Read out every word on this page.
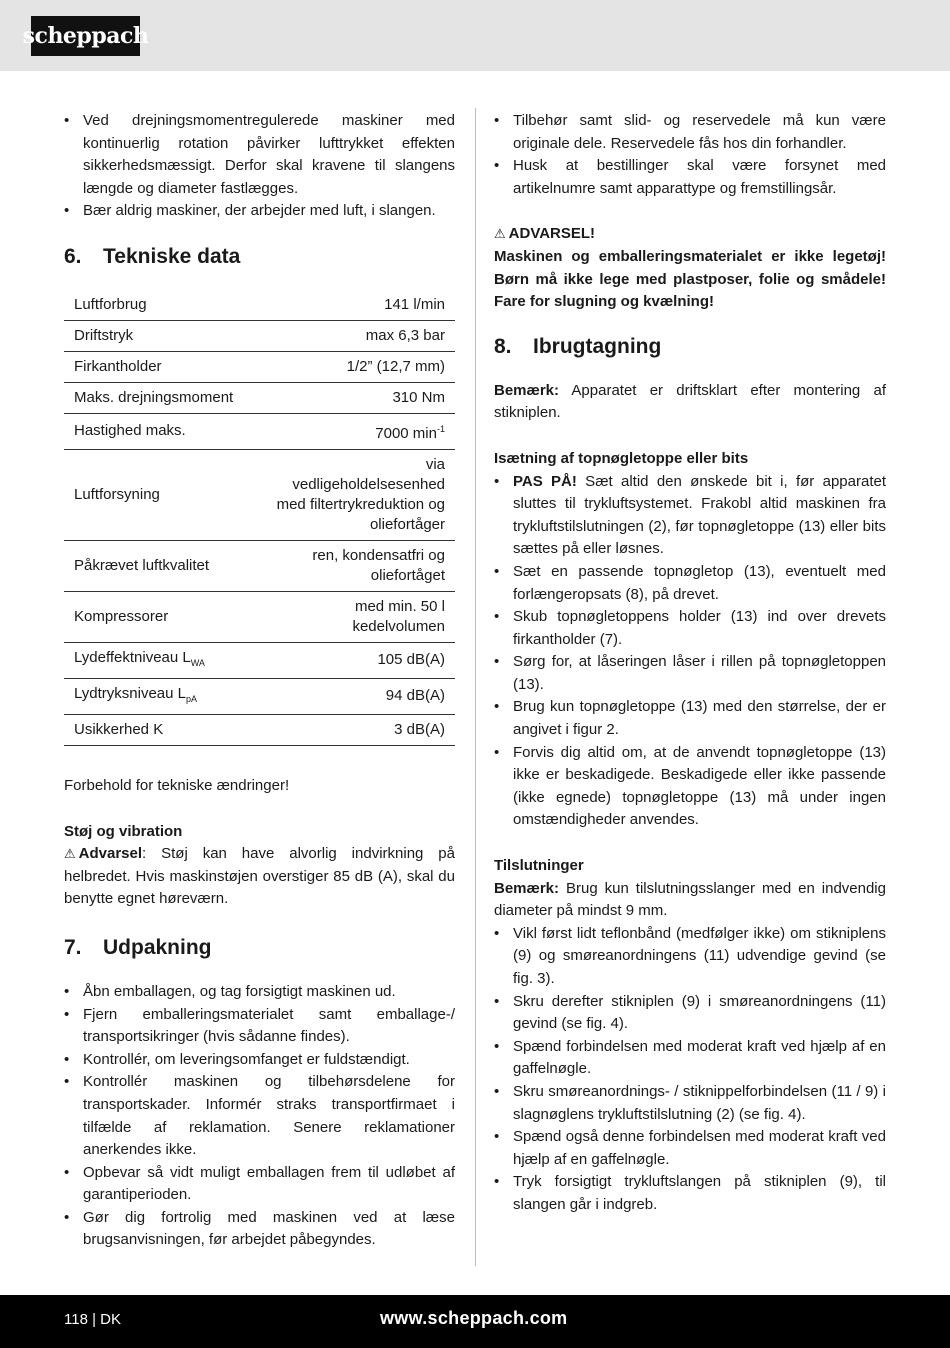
scheppach
• Ved drejningsmomentregulerede maskiner med kontinuerlig rotation påvirker lufttrykket effekten sikkerhedsmæssigt. Derfor skal kravene til slangens længde og diameter fastlægges.
• Bær aldrig maskiner, der arbejder med luft, i slangen.
6.	Tekniske data
Luftforbrug	141 l/min
Driftstryk	max 6,3 bar
Firkantholder	1/2” (12,7 mm)
Maks. drejningsmoment	310 Nm
Hastighed maks.	7000 $\min^{-1}$
Luftforsyning	via vedligeholdelsesenhed med filtertrykreduktion og oliefortåger
Påkrævet luftkvalitet	ren, kondensatfri og oliefortåget
Kompressorer	med min. 50 l kedelvolumen
Lydeffektniveau $L_{WA}$	105 dB(A)
Lydtryksniveau $L_{pA}$	94 dB(A)
Usikkerhed K	3 dB(A)

Forbehold for tekniske ændringer!

Støj og vibration

⚠ Advarsel: Støj kan have alvorlig indvirkning på helbredet. Hvis maskinstøjen overstiger 85 dB (A), skal du benytte egnet høreværn.

7.	Udpakning
• Åbn emballagen, og tag forsigtigt maskinen ud.
• Fjern emballeringsmaterialet samt emballage-/ transportsikringer (hvis sådanne findes).
• Kontrollér, om leveringsomfanget er fuldstændigt.
• Kontrollér maskinen og tilbehørsdelene for transportskader. Informér straks transportfirmaet i tilfælde af reklamation. Senere reklamationer anerkendes ikke.
• Opbevar så vidt muligt emballagen frem til udløbet af garantiperioden.
• Gør dig fortrolig med maskinen ved at læse brugsanvisningen, før arbejdet påbegyndes.
• Tilbehør samt slid- og reservedele må kun være originale dele. Reservedele fås hos din forhandler.
• Husk at bestillinger skal være forsynet med artikelnumre samt apparattype og fremstillingsår.
⚠ ADVARSEL!

Maskinen og emballeringsmaterialet er ikke legetøj! Børn må ikke lege med plastposer, folie og smådele! Fare for slugning og kvælning!

8.	Ibrugtagning

Bemærk: Apparatet er driftsklart efter montering af stikniplen.

Isætning af topnøgletoppe eller bits
• PAS PÅ! Sæt altid den ønskede bit i, før apparatet sluttes til trykluftsystemet. Frakobl altid maskinen fra trykluftstilslutningen (2), før topnøgletoppe (13) eller bits sættes på eller løsnes.
• Sæt en passende topnøgletop (13), eventuelt med forlængeropsats (8), på drevet.
• Skub topnøgletoppens holder (13) ind over drevets firkantholder (7).
• Sørg for, at låseringen låser i rillen på topnøgletoppen (13).
• Brug kun topnøgletoppe (13) med den størrelse, der er angivet i figur 2.
• Forvis dig altid om, at de anvendt topnøgletoppe (13) ikke er beskadigede. Beskadigede eller ikke passende (ikke egnede) topnøgletoppe (13) må under ingen omstændigheder anvendes.
Tilslutninger

Bemærk: Brug kun tilslutningsslanger med en indvendig diameter på mindst 9 mm.

• Vikl først lidt teflonbånd (medfølger ikke) om stikniplens (9) og smøreanordningens (11) udvendige gevind (se fig. 3).
• Skru derefter stikniplen (9) i smøreanordningens (11) gevind (se fig. 4).
• Spænd forbindelsen med moderat kraft ved hjælp af en gaffelnøgle.
• Skru smøreanordnings- / stiknippelforbindelsen (11 / 9) i slagnøglens trykluftstilslutning (2) (se fig. 4).
• Spænd også denne forbindelsen med moderat kraft ved hjælp af en gaffelnøgle.
• Tryk forsigtigt trykluftslangen på stikniplen (9), til slangen går i indgreb.
118 | DK	www.scheppach.com
